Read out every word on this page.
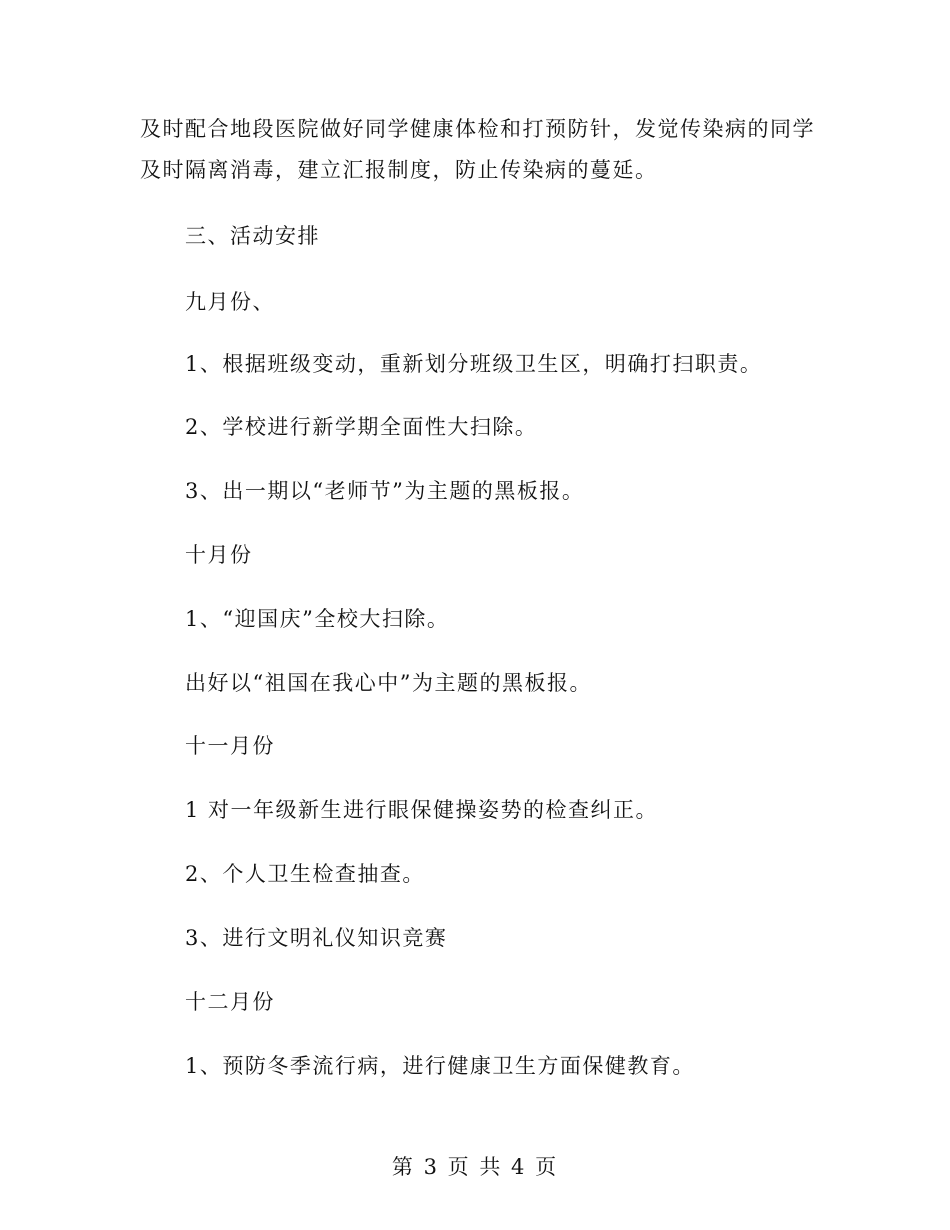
及时配合地段医院做好同学健康体检和打预防针，发觉传染病的同学
及时隔离消毒，建立汇报制度，防止传染病的蔓延。
三、活动安排
九月份、
1、根据班级变动，重新划分班级卫生区，明确打扫职责。
2、学校进行新学期全面性大扫除。
3、出一期以“老师节”为主题的黑板报。
十月份
1、“迎国庆”全校大扫除。
出好以“祖国在我心中”为主题的黑板报。
十一月份
1 对一年级新生进行眼保健操姿势的检查纠正。
2、个人卫生检查抽查。
3、进行文明礼仪知识竞赛
十二月份
1、预防冬季流行病，进行健康卫生方面保健教育。
第 3 页 共 4 页
